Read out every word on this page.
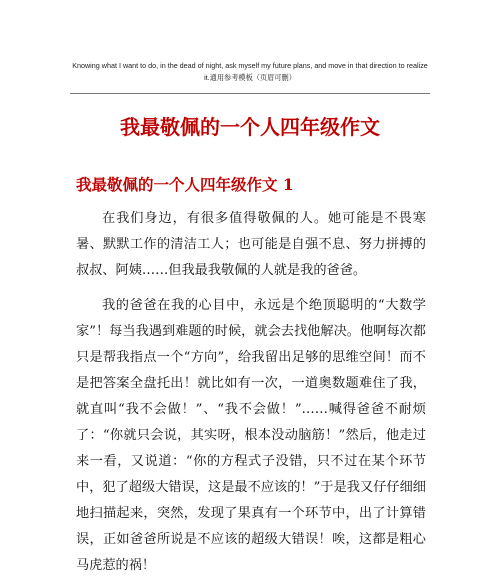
Knowing what I want to do, in the dead of night, ask myself my future plans, and move in that direction to realize it.通用参考模板（页眉可删）
我最敬佩的一个人四年级作文
我最敬佩的一个人四年级作文 1

在我们身边，有很多值得敬佩的人。她可能是不畏寒暑、默默工作的清洁工人；也可能是自强不息、努力拼搏的叔叔、阿姨……但我最我敬佩的人就是我的爸爸。

我的爸爸在我的心目中，永远是个绝顶聪明的“大数学家”！每当我遇到难题的时候，就会去找他解决。他啊每次都只是帮我指点一个“方向”，给我留出足够的思维空间！而不是把答案全盘托出！就比如有一次，一道奥数题难住了我，就直叫“我不会做！”、“我不会做！”……喊得爸爸不耐烦了：“你就只会说，其实呀，根本没动脑筋！”然后，他走过来一看，又说道：“你的方程式子没错，只不过在某个环节中，犯了超级大错误，这是最不应该的！”于是我又仔仔细细地扫描起来，突然，发现了果真有一个环节中，出了计算错误，正如爸爸所说是不应该的超级大错误！唉，这都是粗心马虎惹的祸！
